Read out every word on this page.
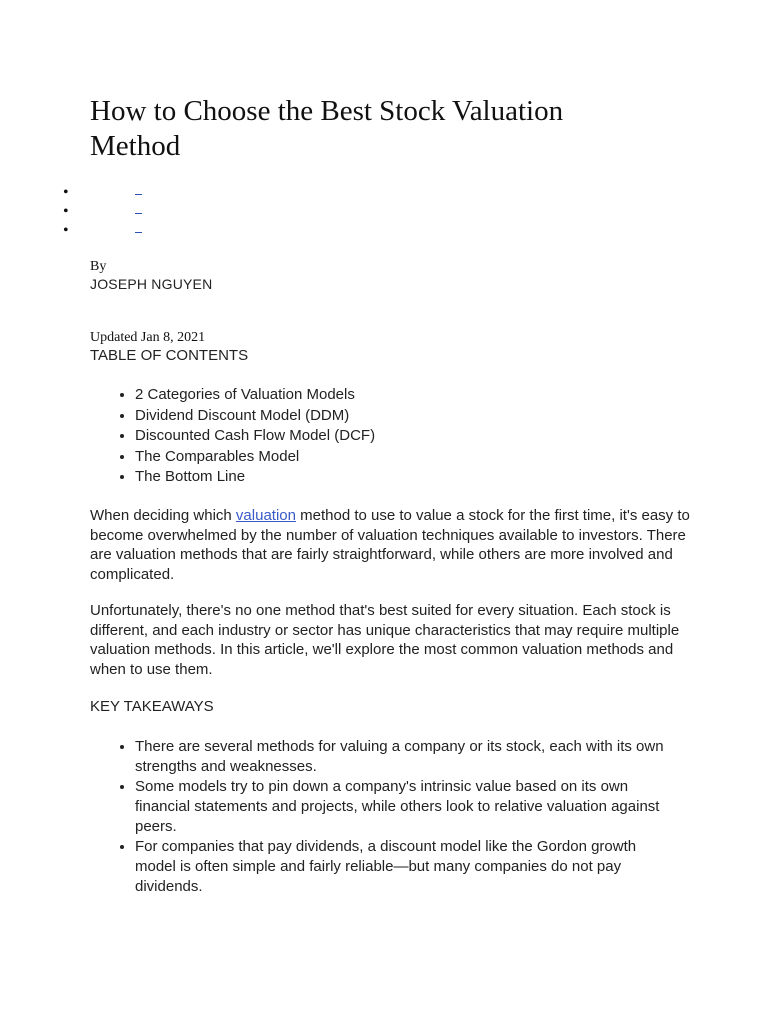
How to Choose the Best Stock Valuation Method
•
•
•
By
JOSEPH NGUYEN
Updated Jan 8, 2021
TABLE OF CONTENTS
• 2 Categories of Valuation Models
• Dividend Discount Model (DDM)
• Discounted Cash Flow Model (DCF)
• The Comparables Model
• The Bottom Line

When deciding which valuation method to use to value a stock for the first time, it's easy to become overwhelmed by the number of valuation techniques available to investors. There are valuation methods that are fairly straightforward, while others are more involved and complicated.

Unfortunately, there's no one method that's best suited for every situation. Each stock is different, and each industry or sector has unique characteristics that may require multiple valuation methods. In this article, we'll explore the most common valuation methods and when to use them.

KEY TAKEAWAYS
• There are several methods for valuing a company or its stock, each with its own strengths and weaknesses.
• Some models try to pin down a company's intrinsic value based on its own financial statements and projects, while others look to relative valuation against peers.
• For companies that pay dividends, a discount model like the Gordon growth model is often simple and fairly reliable—but many companies do not pay dividends.
